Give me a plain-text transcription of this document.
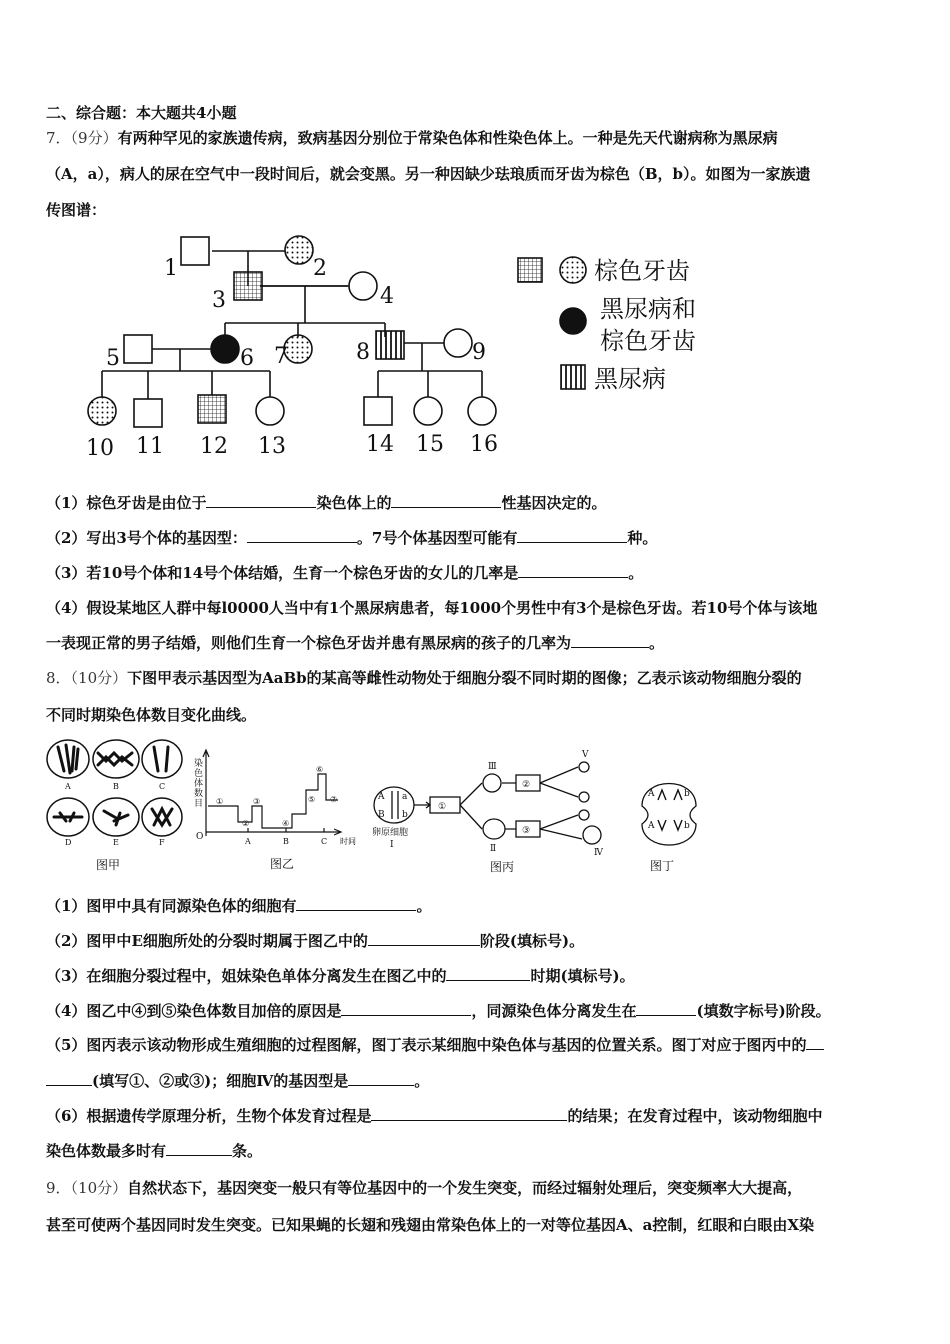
二、综合题：本大题共4小题
7．（9分）有两种罕见的家族遗传病，致病基因分别位于常染色体和性染色体上。一种是先天代谢病称为黑尿病
（A，a），病人的尿在空气中一段时间后，就会变黑。另一种因缺少珐琅质而牙齿为棕色（B，b）。如图为一家族遗
传图谱：
1	2
3	4
5	6 7	8	9
10 11 12 13	14 15 16
棕色牙齿
黑尿病和
棕色牙齿
黑尿病
（1）棕色牙齿是由位于	染色体上的	性基因决定的。
（2）写出3号个体的基因型：	。7号个体基因型可能有	种。
（3）若10号个体和14号个体结婚，生育一个棕色牙齿的女儿的几率是	。
（4）假设某地区人群中每l0000人当中有1个黑尿病患者，每1000个男性中有3个是棕色牙齿。若10号个体与该地
一表现正常的男子结婚，则他们生育一个棕色牙齿并患有黑尿病的孩子的几率为	。
8．（10分）下图甲表示基因型为AaBb的某高等雌性动物处于细胞分裂不同时期的图像；乙表示该动物细胞分裂的
不同时期染色体数目变化曲线。
A	B	C
D	E	F
图甲
染
色
体
数
目
O
①
②
③
④
⑤
⑥
⑦
A	B	C 时间
图乙
A a
B b
①
②
③
卵原细胞
Ⅰ	Ⅱ
Ⅲ
Ⅳ
Ⅴ
图丙
A	b
A	b
图丁
（1）图甲中具有同源染色体的细胞有	。
（2）图甲中E细胞所处的分裂时期属于图乙中的	阶段(填标号)。
（3）在细胞分裂过程中，姐妹染色单体分离发生在图乙中的	时期(填标号)。
（4）图乙中④到⑤染色体数目加倍的原因是	，同源染色体分离发生在	(填数字标号)阶段。
（5）图丙表示该动物形成生殖细胞的过程图解，图丁表示某细胞中染色体与基因的位置关系。图丁对应于图丙中的
(填写①、②或③)；细胞Ⅳ的基因型是	。
（6）根据遗传学原理分析，生物个体发育过程是	的结果；在发育过程中，该动物细胞中
染色体数最多时有	条。
9．（10分）自然状态下，基因突变一般只有等位基因中的一个发生突变，而经过辐射处理后，突变频率大大提高，
甚至可使两个基因同时发生突变。已知果蝇的长翅和残翅由常染色体上的一对等位基因A、a控制，红眼和白眼由X染
